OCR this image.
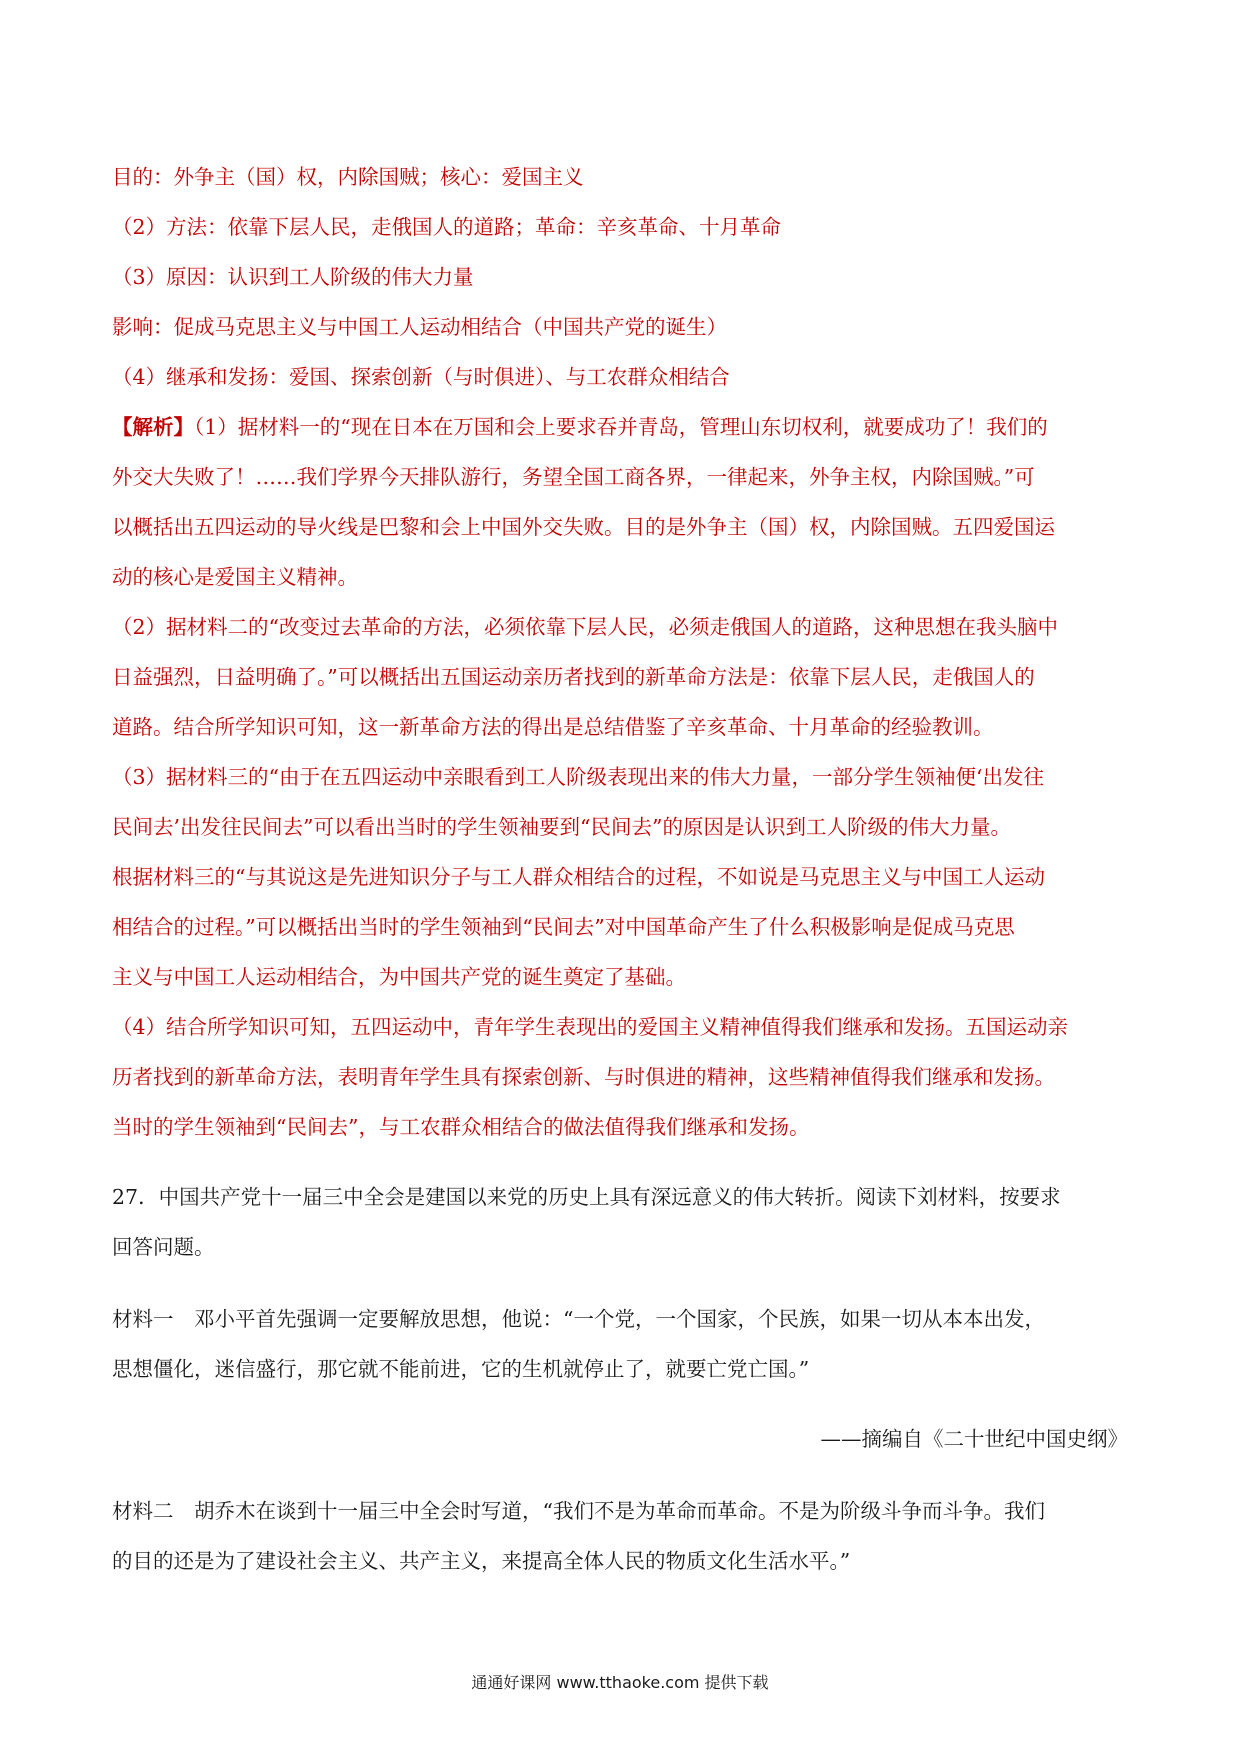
目的：外争主（国）权，内除国贼；核心：爱国主义
（2）方法：依靠下层人民，走俄国人的道路；革命：辛亥革命、十月革命
（3）原因：认识到工人阶级的伟大力量
影响：促成马克思主义与中国工人运动相结合（中国共产党的诞生）
（4）继承和发扬：爱国、探索创新（与时俱进）、与工农群众相结合
【解析】（1）据材料一的“现在日本在万国和会上要求吞并青岛，管理山东切权利，就要成功了！我们的
外交大失败了！……我们学界今天排队游行，务望全国工商各界，一律起来，外争主权，内除国贼。”可
以概括出五四运动的导火线是巴黎和会上中国外交失败。目的是外争主（国）权，内除国贼。五四爱国运
动的核心是爱国主义精神。
（2）据材料二的“改变过去革命的方法，必须依靠下层人民，必须走俄国人的道路，这种思想在我头脑中
日益强烈，日益明确了。”可以概括出五国运动亲历者找到的新革命方法是：依靠下层人民，走俄国人的
道路。结合所学知识可知，这一新革命方法的得出是总结借鉴了辛亥革命、十月革命的经验教训。
（3）据材料三的“由于在五四运动中亲眼看到工人阶级表现出来的伟大力量，一部分学生领袖便‘出发往
民间去’出发往民间去”可以看出当时的学生领袖要到“民间去”的原因是认识到工人阶级的伟大力量。
根据材料三的“与其说这是先进知识分子与工人群众相结合的过程，不如说是马克思主义与中国工人运动
相结合的过程。”可以概括出当时的学生领袖到“民间去”对中国革命产生了什么积极影响是促成马克思
主义与中国工人运动相结合，为中国共产党的诞生奠定了基础。
（4）结合所学知识可知，五四运动中，青年学生表现出的爱国主义精神值得我们继承和发扬。五国运动亲
历者找到的新革命方法，表明青年学生具有探索创新、与时俱进的精神，这些精神值得我们继承和发扬。
当时的学生领袖到“民间去”，与工农群众相结合的做法值得我们继承和发扬。
27．中国共产党十一届三中全会是建国以来党的历史上具有深远意义的伟大转折。阅读下刘材料，按要求
回答问题。
材料一　邓小平首先强调一定要解放思想，他说：“一个党，一个国家，个民族，如果一切从本本出发，
思想僵化，迷信盛行，那它就不能前进，它的生机就停止了，就要亡党亡国。”
——摘编自《二十世纪中国史纲》
材料二　胡乔木在谈到十一届三中全会时写道，“我们不是为革命而革命。不是为阶级斗争而斗争。我们
的目的还是为了建设社会主义、共产主义，来提高全体人民的物质文化生活水平。”
通通好课网 www.tthaoke.com 提供下载
